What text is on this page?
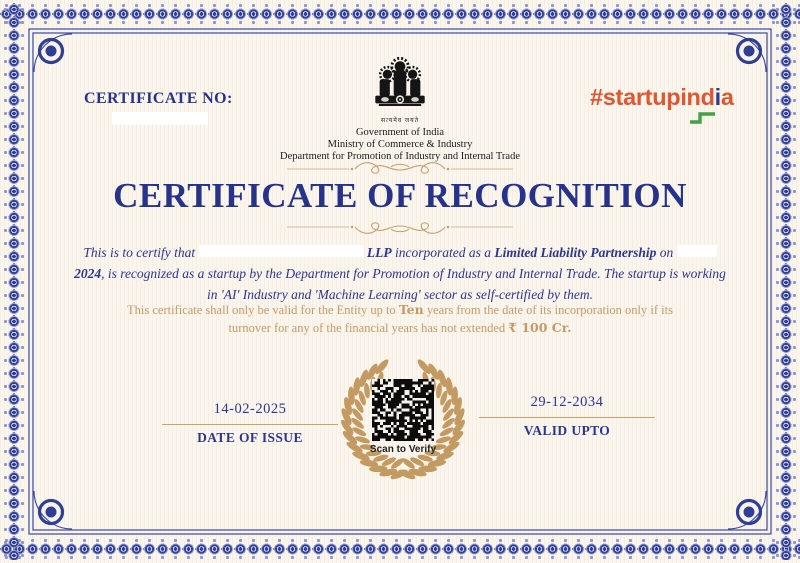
CERTIFICATE NO:
सत्यमेव जयते
Government of India
Ministry of Commerce & Industry
Department for Promotion of Industry and Internal Trade
#startupindia
CERTIFICATE OF RECOGNITION

This is to certify that	LLP incorporated as a Limited Liability Partnership on  2024, is recognized as a startup by the Department for Promotion of Industry and Internal Trade. The startup is working in 'AI' Industry and 'Machine Learning' sector as self-certified by them.

This certificate shall only be valid for the Entity up to Ten years from the date of its incorporation only if its turnover for any of the financial years has not extended ₹ 100 Cr.

Scan to Verify
14-02-2025
DATE OF ISSUE
29-12-2034
VALID UPTO
